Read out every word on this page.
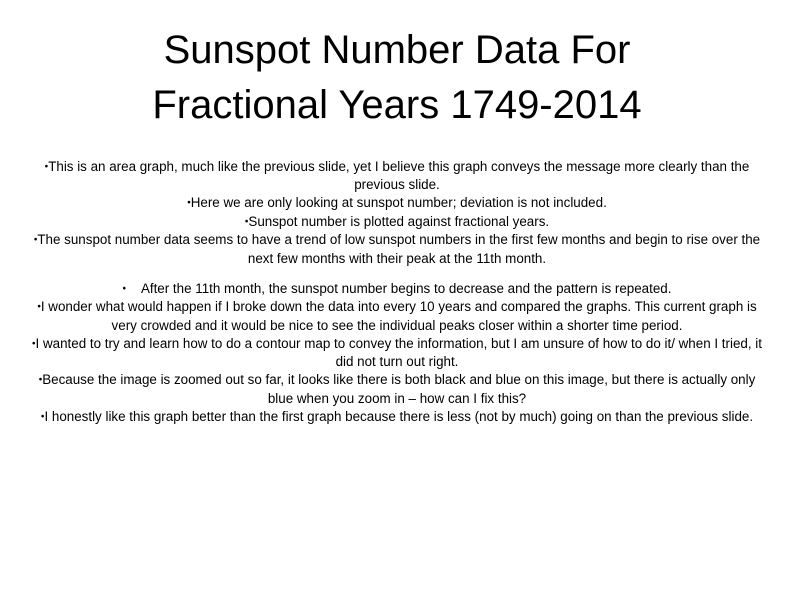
Sunspot Number Data For
Fractional Years 1749-2014
•This is an area graph, much like the previous slide, yet I believe this graph conveys the message more clearly than the previous slide.
•Here we are only looking at sunspot number; deviation is not included.
•Sunspot number is plotted against fractional years.
•The sunspot number data seems to have a trend of low sunspot numbers in the first few months and begin to rise over the next few months with their peak at the 11th month.
• After the 11th month, the sunspot number begins to decrease and the pattern is repeated.
•I wonder what would happen if I broke down the data into every 10 years and compared the graphs. This current graph is very crowded and it would be nice to see the individual peaks closer within a shorter time period.
•I wanted to try and learn how to do a contour map to convey the information, but I am unsure of how to do it/ when I tried, it did not turn out right.
•Because the image is zoomed out so far, it looks like there is both black and blue on this image, but there is actually only blue when you zoom in – how can I fix this?
•I honestly like this graph better than the first graph because there is less (not by much) going on than the previous slide.
